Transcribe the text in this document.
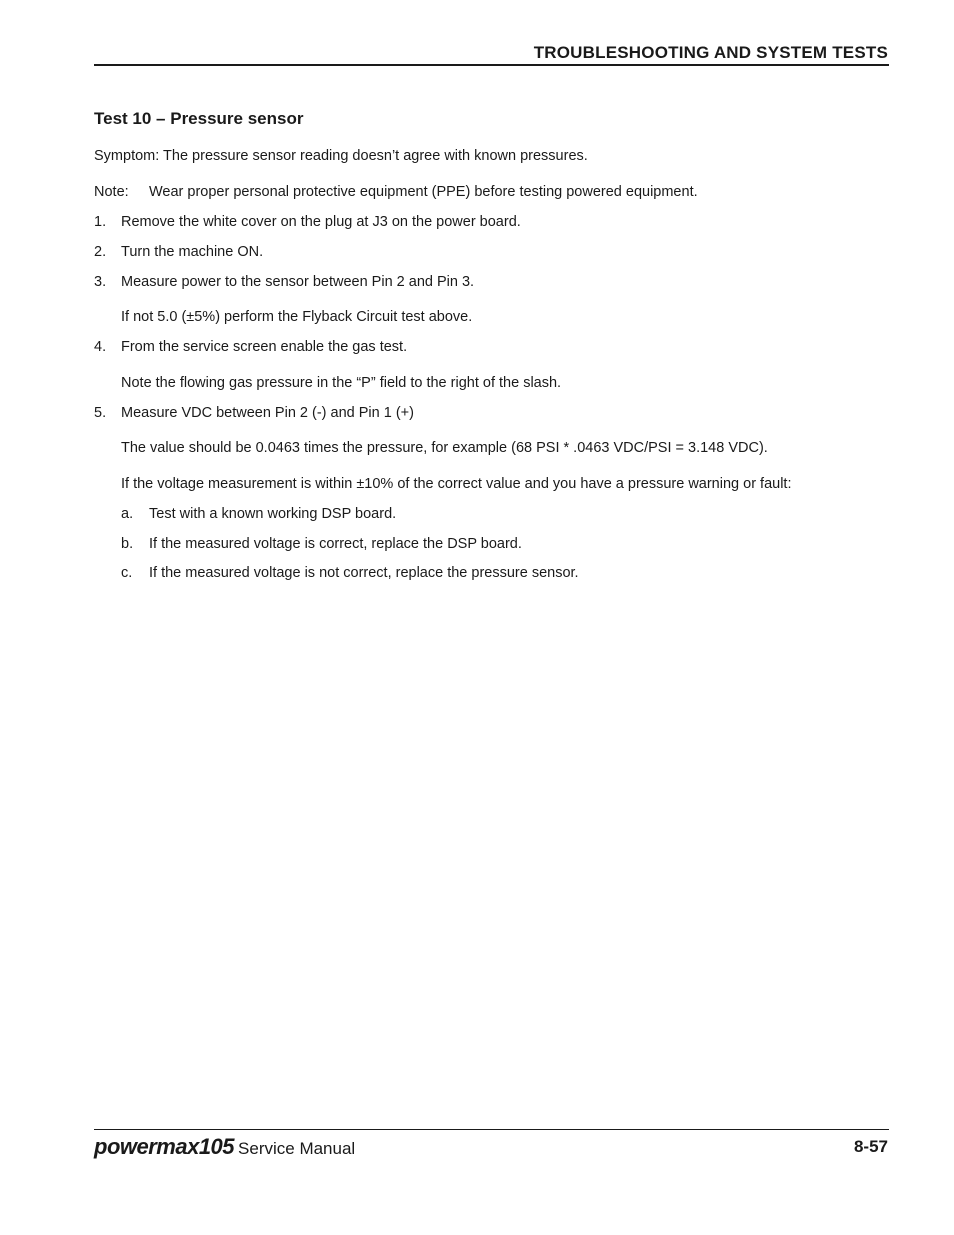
TROUBLESHOOTING AND SYSTEM TESTS
Test 10 – Pressure sensor
Symptom: The pressure sensor reading doesn’t agree with known pressures.
Note: Wear proper personal protective equipment (PPE) before testing powered equipment.
1. Remove the white cover on the plug at J3 on the power board.
2. Turn the machine ON.
3. Measure power to the sensor between Pin 2 and Pin 3.
If not 5.0 (±5%) perform the Flyback Circuit test above.
4. From the service screen enable the gas test.
Note the flowing gas pressure in the “P” field to the right of the slash.
5. Measure VDC between Pin 2 (-) and Pin 1 (+)
The value should be 0.0463 times the pressure, for example (68 PSI * .0463 VDC/PSI = 3.148 VDC).
If the voltage measurement is within ±10% of the correct value and you have a pressure warning or fault:
a. Test with a known working DSP board.
b. If the measured voltage is correct, replace the DSP board.
c. If the measured voltage is not correct, replace the pressure sensor.
powermax105 Service Manual	8-57
